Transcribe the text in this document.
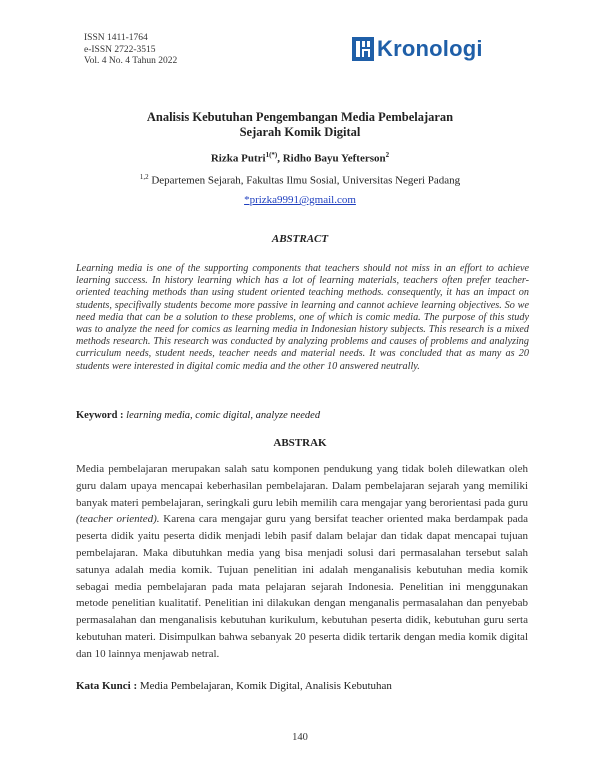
ISSN 1411-1764
e-ISSN 2722-3515
Vol. 4 No. 4 Tahun 2022	Kronologi
Analisis Kebutuhan Pengembangan Media Pembelajaran
Sejarah Komik Digital
Rizka Putri$^{1(*)}$, Ridho Bayu Yefterson$^2$
$^{1,2}$ Departemen Sejarah, Fakultas Ilmu Sosial, Universitas Negeri Padang
*prizka9991@gmail.com
ABSTRACT
Learning media is one of the supporting components that teachers should not miss in an effort to achieve learning success. In history learning which has a lot of learning materials, teachers often prefer teacher-oriented teaching methods than using student oriented teaching methods. consequently, it has an impact on students, specifivally students become more passive in learning and cannot achieve learning objectives. So we need media that can be a solution to these problems, one of which is comic media. The purpose of this study was to analyze the need for comics as learning media in Indonesian history subjects. This research is a mixed methods research. This research was conducted by analyzing problems and causes of problems and analyzing curriculum needs, student needs, teacher needs and material needs. It was concluded that as many as 20 students were interested in digital comic media and the other 10 answered neutrally.
Keyword : learning media, comic digital, analyze needed
ABSTRAK
Media pembelajaran merupakan salah satu komponen pendukung yang tidak boleh dilewatkan oleh guru dalam upaya mencapai keberhasilan pembelajaran. Dalam pembelajaran sejarah yang memiliki banyak materi pembelajaran, seringkali guru lebih memilih cara mengajar yang berorientasi pada guru (teacher oriented). Karena cara mengajar guru yang bersifat teacher oriented maka berdampak pada peserta didik yaitu peserta didik menjadi lebih pasif dalam belajar dan tidak dapat mencapai tujuan pembelajaran. Maka dibutuhkan media yang bisa menjadi solusi dari permasalahan tersebut salah satunya adalah media komik. Tujuan penelitian ini adalah menganalisis kebutuhan media komik sebagai media pembelajaran pada mata pelajaran sejarah Indonesia. Penelitian ini menggunakan metode penelitian kualitatif. Penelitian ini dilakukan dengan menganalis permasalahan dan penyebab permasalahan dan menganalisis kebutuhan kurikulum, kebutuhan peserta didik, kebutuhan guru serta kebutuhan materi. Disimpulkan bahwa sebanyak 20 peserta didik tertarik dengan media komik digital dan 10 lainnya menjawab netral.
Kata Kunci : Media Pembelajaran, Komik Digital, Analisis Kebutuhan
140
